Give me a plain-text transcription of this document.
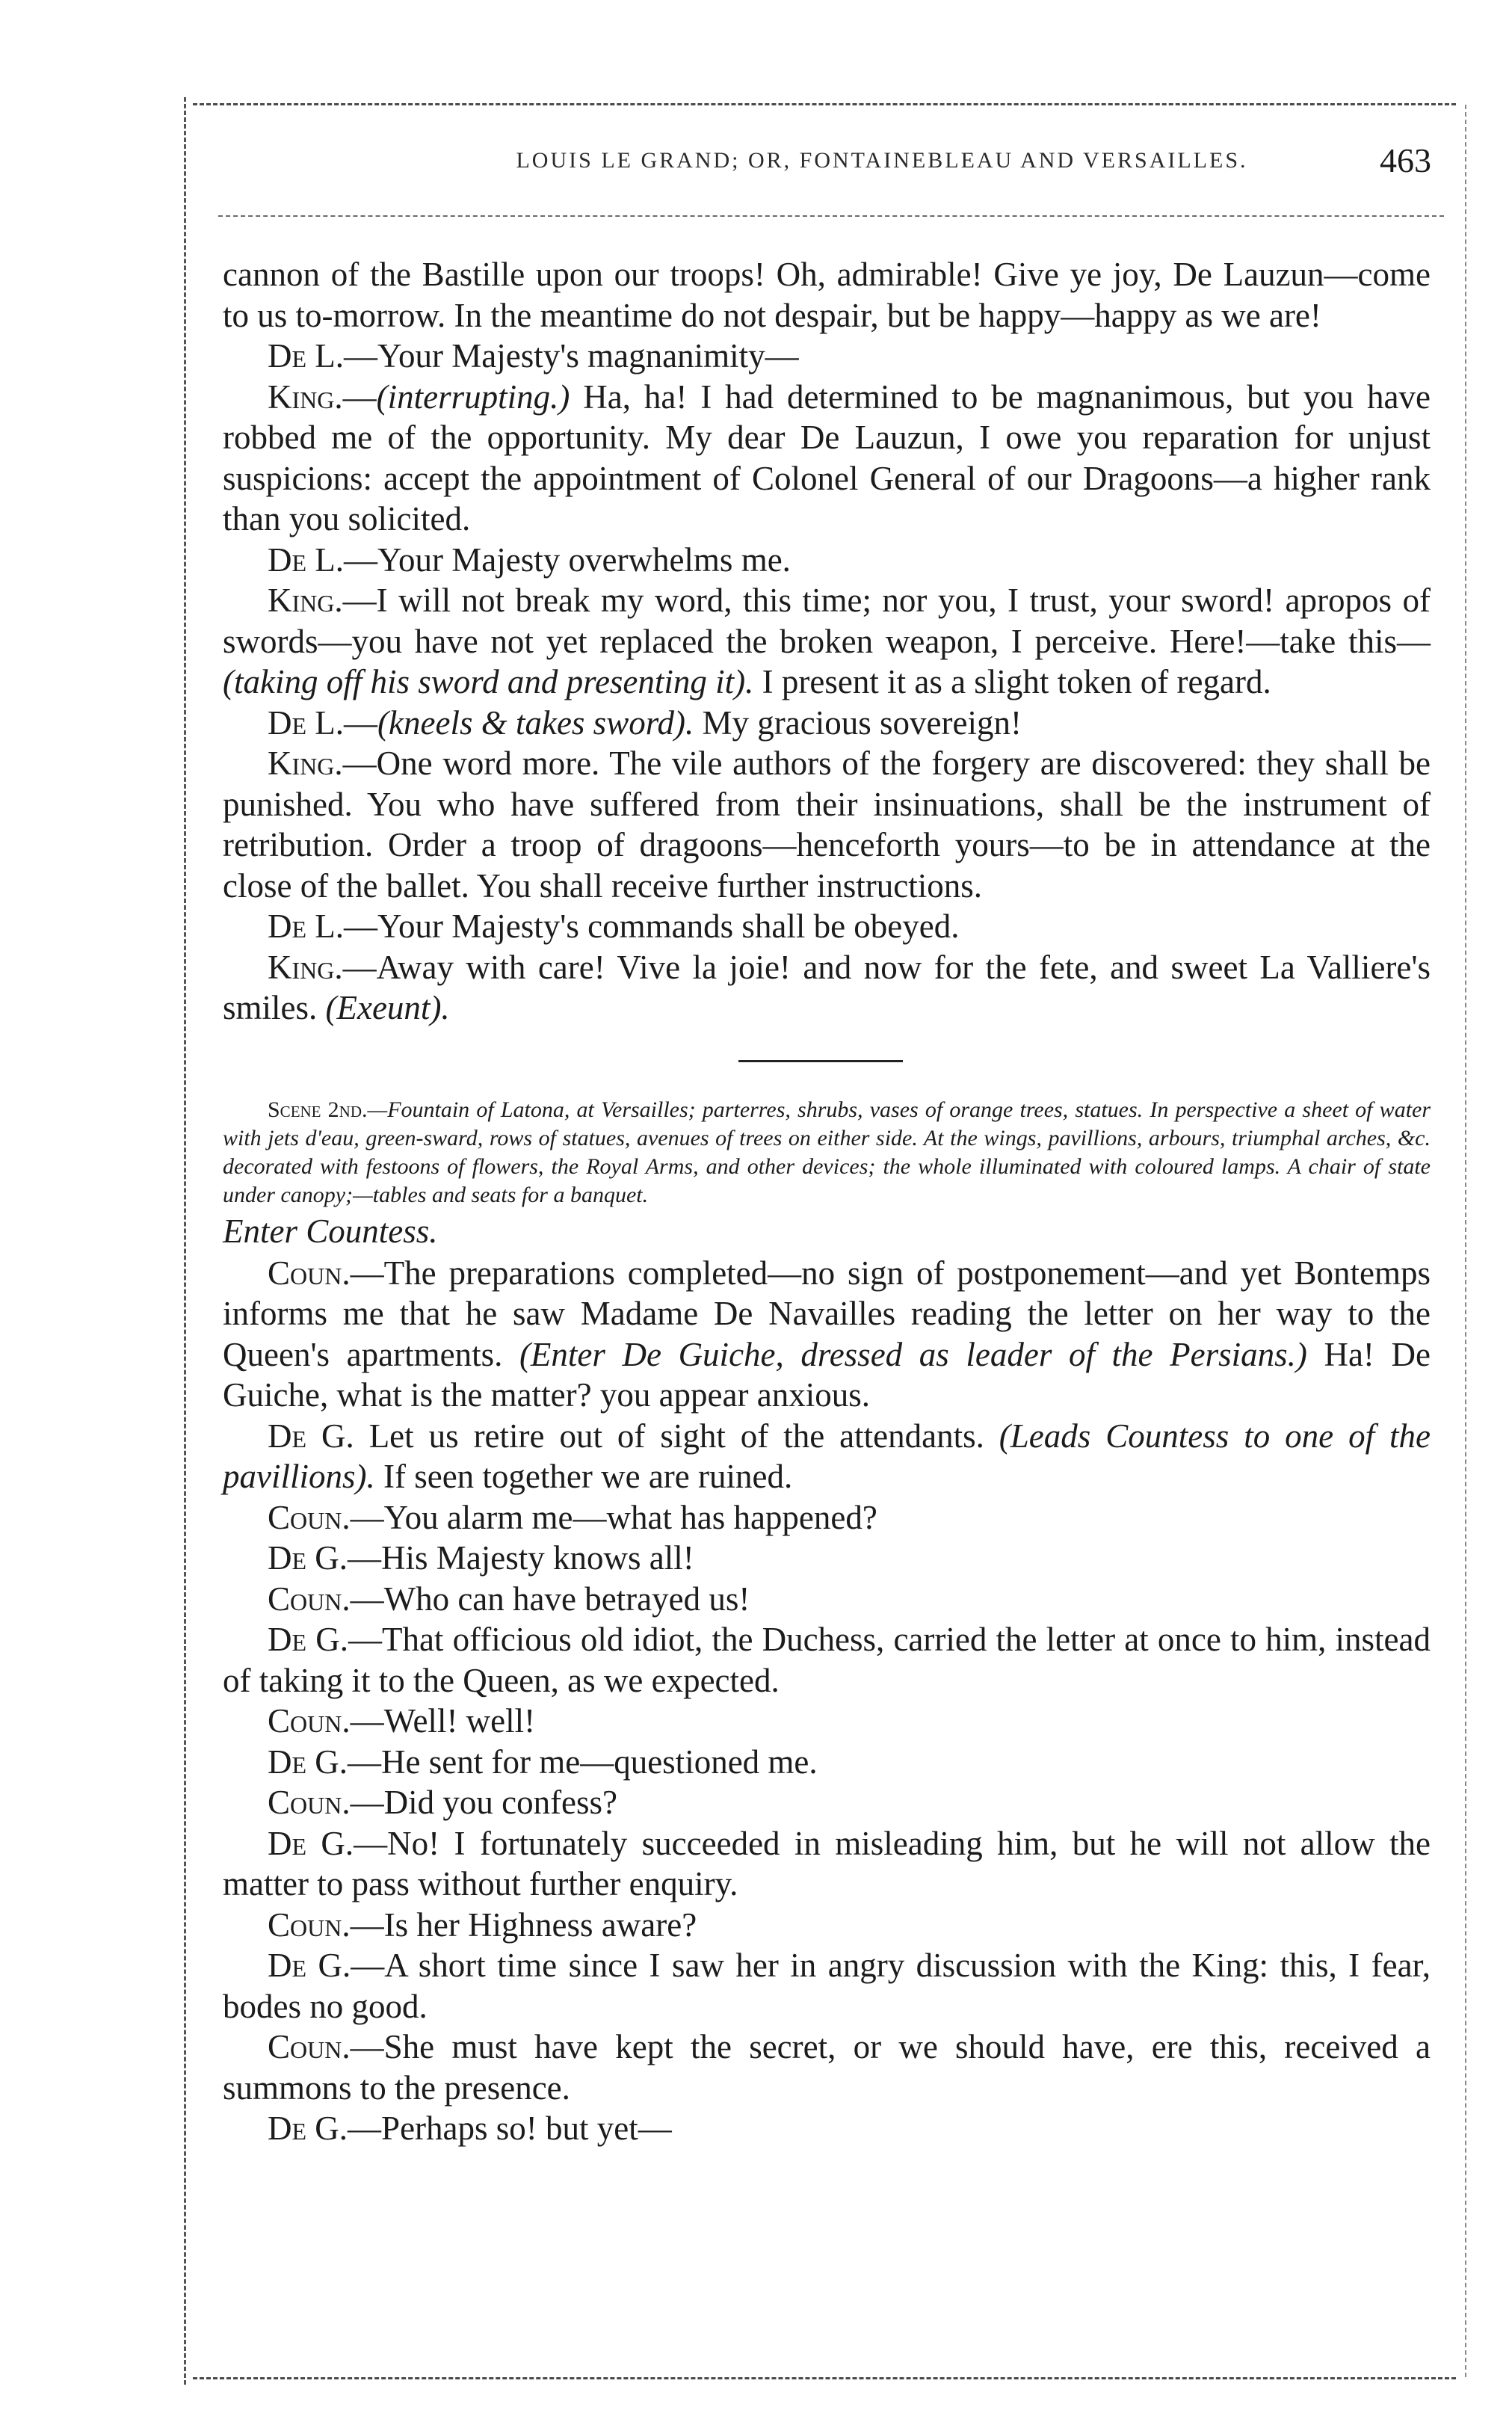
LOUIS LE GRAND; OR, FONTAINEBLEAU AND VERSAILLES.	463

cannon of the Bastille upon our troops! Oh, admirable! Give ye joy, De Lauzun—come to us to-morrow. In the meantime do not despair, but be happy—happy as we are!

De L.—Your Majesty's magnanimity—

King.—(interrupting.) Ha, ha! I had determined to be magnanimous, but you have robbed me of the opportunity. My dear De Lauzun, I owe you reparation for unjust suspicions: accept the appointment of Colonel General of our Dragoons—a higher rank than you solicited.

De L.—Your Majesty overwhelms me.

King.—I will not break my word, this time; nor you, I trust, your sword! apropos of swords—you have not yet replaced the broken weapon, I perceive. Here!—take this—(taking off his sword and presenting it). I present it as a slight token of regard.

De L.—(kneels & takes sword). My gracious sovereign!

King.—One word more. The vile authors of the forgery are discovered: they shall be punished. You who have suffered from their insinuations, shall be the instrument of retribution. Order a troop of dragoons—henceforth yours—to be in attendance at the close of the ballet. You shall receive further instructions.

De L.—Your Majesty's commands shall be obeyed.

King.—Away with care! Vive la joie! and now for the fete, and sweet La Valliere's smiles. (Exeunt).

Scene 2nd.—Fountain of Latona, at Versailles; parterres, shrubs, vases of orange trees, statues. In perspective a sheet of water with jets d'eau, green-sward, rows of statues, avenues of trees on either side. At the wings, pavillions, arbours, triumphal arches, &c. decorated with festoons of flowers, the Royal Arms, and other devices; the whole illuminated with coloured lamps. A chair of state under canopy;—tables and seats for a banquet.

Enter Countess.

Coun.—The preparations completed—no sign of postponement—and yet Bontemps informs me that he saw Madame De Navailles reading the letter on her way to the Queen's apartments. (Enter De Guiche, dressed as leader of the Persians.) Ha! De Guiche, what is the matter? you appear anxious.

De G. Let us retire out of sight of the attendants. (Leads Countess to one of the pavillions). If seen together we are ruined.

Coun.—You alarm me—what has happened?

De G.—His Majesty knows all!

Coun.—Who can have betrayed us!

De G.—That officious old idiot, the Duchess, carried the letter at once to him, instead of taking it to the Queen, as we expected.

Coun.—Well! well!

De G.—He sent for me—questioned me.

Coun.—Did you confess?

De G.—No! I fortunately succeeded in misleading him, but he will not allow the matter to pass without further enquiry.

Coun.—Is her Highness aware?

De G.—A short time since I saw her in angry discussion with the King: this, I fear, bodes no good.

Coun.—She must have kept the secret, or we should have, ere this, received a summons to the presence.

De G.—Perhaps so! but yet—
